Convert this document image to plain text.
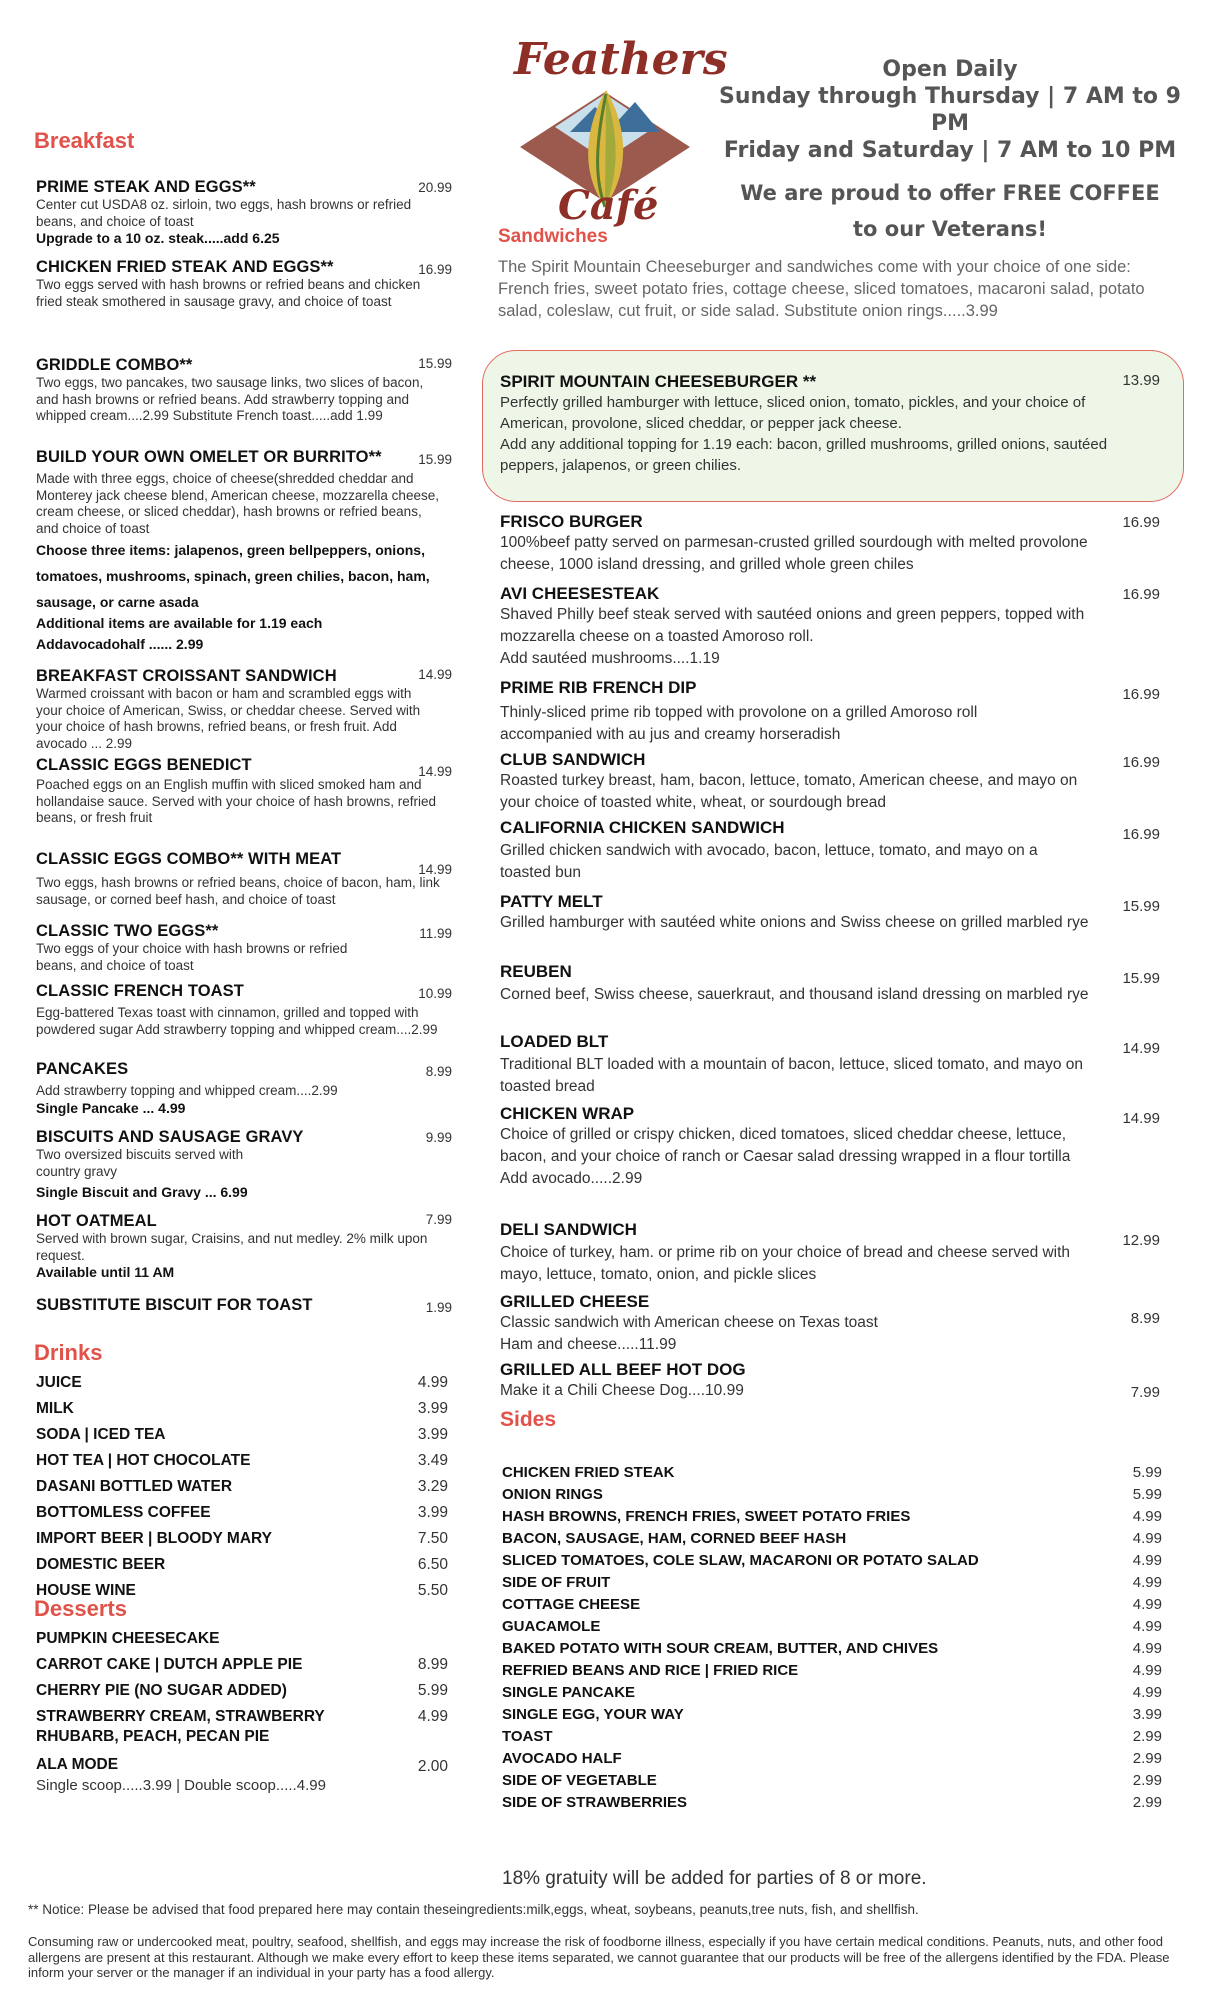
Feathers
Café
Open Daily
Sunday through Thursday | 7 AM to 9 PM
Friday and Saturday | 7 AM to 10 PM
We are proud to offer FREE COFFEE
to our Veterans!
Breakfast
PRIME STEAK AND EGGS**	20.99
Center cut USDA8 oz. sirloin, two eggs, hash browns or refried beans, and choice of toast
Upgrade to a 10 oz. steak.....add 6.25
CHICKEN FRIED STEAK AND EGGS**	16.99
Two eggs served with hash browns or refried beans and chicken fried steak smothered in sausage gravy, and choice of toast
GRIDDLE COMBO**	15.99
Two eggs, two pancakes, two sausage links, two slices of bacon, and hash browns or refried beans. Add strawberry topping and whipped cream....2.99 Substitute French toast.....add 1.99
BUILD YOUR OWN OMELET OR BURRITO**	15.99
Made with three eggs, choice of cheese(shredded cheddar and Monterey jack cheese blend, American cheese, mozzarella cheese, cream cheese, or sliced cheddar), hash browns or refried beans, and choice of toast
Choose three items: jalapenos, green bellpeppers, onions, tomatoes, mushrooms, spinach, green chilies, bacon, ham, sausage, or carne asada
Additional items are available for 1.19 each
Addavocadohalf ...... 2.99
BREAKFAST CROISSANT SANDWICH	14.99
Warmed croissant with bacon or ham and scrambled eggs with your choice of American, Swiss, or cheddar cheese. Served with your choice of hash browns, refried beans, or fresh fruit. Add avocado ... 2.99
CLASSIC EGGS BENEDICT	14.99
Poached eggs on an English muffin with sliced smoked ham and hollandaise sauce. Served with your choice of hash browns, refried beans, or fresh fruit
CLASSIC EGGS COMBO** WITH MEAT
14.99
Two eggs, hash browns or refried beans, choice of bacon, ham, link sausage, or corned beef hash, and choice of toast
CLASSIC TWO EGGS**	11.99
Two eggs of your choice with hash browns or refried beans, and choice of toast
CLASSIC FRENCH TOAST	10.99
Egg-battered Texas toast with cinnamon, grilled and topped with powdered sugar Add strawberry topping and whipped cream....2.99
PANCAKES	8.99
Add strawberry topping and whipped cream....2.99
Single Pancake ... 4.99
BISCUITS AND SAUSAGE GRAVY	9.99
Two oversized biscuits served with country gravy
Single Biscuit and Gravy ... 6.99
HOT OATMEAL	7.99
Served with brown sugar, Craisins, and nut medley. 2% milk upon request.
Available until 11 AM
SUBSTITUTE BISCUIT FOR TOAST	1.99
Drinks
JUICE	4.99
MILK	3.99
SODA | ICED TEA	3.99
HOT TEA | HOT CHOCOLATE	3.49
DASANI BOTTLED WATER	3.29
BOTTOMLESS COFFEE	3.99
IMPORT BEER | BLOODY MARY	7.50
DOMESTIC BEER	6.50
HOUSE WINE	5.50
Desserts
PUMPKIN CHEESECAKE
CARROT CAKE | DUTCH APPLE PIE	8.99
CHERRY PIE (NO SUGAR ADDED)	5.99
STRAWBERRY CREAM, STRAWBERRY
RHUBARB, PEACH, PECAN PIE
4.99
ALA MODE	2.00
Single scoop.....3.99 | Double scoop.....4.99
Sandwiches
The Spirit Mountain Cheeseburger and sandwiches come with your choice of one side: French fries, sweet potato fries, cottage cheese, sliced tomatoes, macaroni salad, potato salad, coleslaw, cut fruit, or side salad. Substitute onion rings.....3.99
SPIRIT MOUNTAIN CHEESEBURGER **	13.99
Perfectly grilled hamburger with lettuce, sliced onion, tomato, pickles, and your choice of American, provolone, sliced cheddar, or pepper jack cheese.
Add any additional topping for 1.19 each: bacon, grilled mushrooms, grilled onions, sautéed peppers, jalapenos, or green chilies.
FRISCO BURGER	16.99
100%beef patty served on parmesan-crusted grilled sourdough with melted provolone cheese, 1000 island dressing, and grilled whole green chiles
AVI CHEESESTEAK	16.99
Shaved Philly beef steak served with sautéed onions and green peppers, topped with mozzarella cheese on a toasted Amoroso roll.
Add sautéed mushrooms....1.19
PRIME RIB FRENCH DIP	16.99
Thinly-sliced prime rib topped with provolone on a grilled Amoroso roll accompanied with au jus and creamy horseradish
CLUB SANDWICH	16.99
Roasted turkey breast, ham, bacon, lettuce, tomato, American cheese, and mayo on your choice of toasted white, wheat, or sourdough bread
CALIFORNIA CHICKEN SANDWICH	16.99
Grilled chicken sandwich with avocado, bacon, lettuce, tomato, and mayo on a toasted bun
PATTY MELT	15.99
Grilled hamburger with sautéed white onions and Swiss cheese on grilled marbled rye
REUBEN	15.99
Corned beef, Swiss cheese, sauerkraut, and thousand island dressing on marbled rye
LOADED BLT	14.99
Traditional BLT loaded with a mountain of bacon, lettuce, sliced tomato, and mayo on toasted bread
CHICKEN WRAP	14.99
Choice of grilled or crispy chicken, diced tomatoes, sliced cheddar cheese, lettuce, bacon, and your choice of ranch or Caesar salad dressing wrapped in a flour tortilla
Add avocado.....2.99
DELI SANDWICH
12.99
Choice of turkey, ham. or prime rib on your choice of bread and cheese served with mayo, lettuce, tomato, onion, and pickle slices
GRILLED CHEESE
8.99
Classic sandwich with American cheese on Texas toast
Ham and cheese.....11.99
GRILLED ALL BEEF HOT DOG
7.99
Make it a Chili Cheese Dog....10.99
Sides
CHICKEN FRIED STEAK	5.99
ONION RINGS	5.99
HASH BROWNS, FRENCH FRIES, SWEET POTATO FRIES	4.99
BACON, SAUSAGE, HAM, CORNED BEEF HASH	4.99
SLICED TOMATOES, COLE SLAW, MACARONI OR POTATO SALAD	4.99
SIDE OF FRUIT	4.99
COTTAGE CHEESE	4.99
GUACAMOLE	4.99
BAKED POTATO WITH SOUR CREAM, BUTTER, AND CHIVES	4.99
REFRIED BEANS AND RICE | FRIED RICE	4.99
SINGLE PANCAKE	4.99
SINGLE EGG, YOUR WAY	3.99
TOAST	2.99
AVOCADO HALF	2.99
SIDE OF VEGETABLE	2.99
SIDE OF STRAWBERRIES	2.99
18% gratuity will be added for parties of 8 or more.
** Notice: Please be advised that food prepared here may contain theseingredients:milk,eggs, wheat, soybeans, peanuts,tree nuts, fish, and shellfish.
Consuming raw or undercooked meat, poultry, seafood, shellfish, and eggs may increase the risk of foodborne illness, especially if you have certain medical conditions. Peanuts, nuts, and other food allergens are present at this restaurant. Although we make every effort to keep these items separated, we cannot guarantee that our products will be free of the allergens identified by the FDA. Please inform your server or the manager if an individual in your party has a food allergy.
